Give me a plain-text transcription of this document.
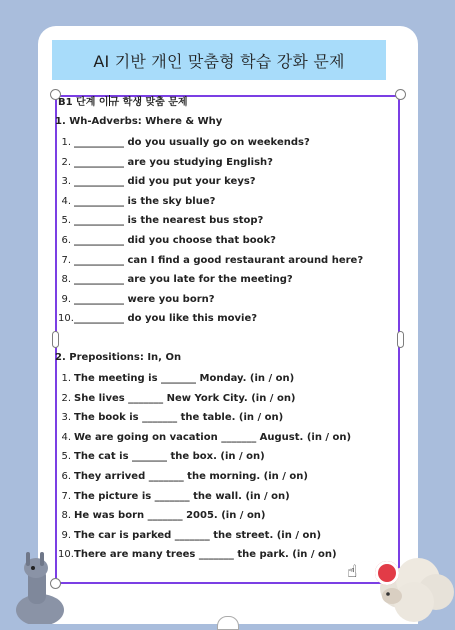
AI 기반 개인 맞춤형 학습 강화 문제
B1 단계 이규 학생 맞춤 문제
1. Wh-Adverbs: Where & Why
1. __________ do you usually go on weekends?
2. __________ are you studying English?
3. __________ did you put your keys?
4. __________ is the sky blue?
5. __________ is the nearest bus stop?
6. __________ did you choose that book?
7. __________ can I find a good restaurant around here?
8. __________ are you late for the meeting?
9. __________ were you born?
10. __________ do you like this movie?
2. Prepositions: In, On
1. The meeting is _______ Monday. (in / on)
2. She lives _______ New York City. (in / on)
3. The book is _______ the table. (in / on)
4. We are going on vacation _______ August. (in / on)
5. The cat is _______ the box. (in / on)
6. They arrived _______ the morning. (in / on)
7. The picture is _______ the wall. (in / on)
8. He was born _______ 2005. (in / on)
9. The car is parked _______ the street. (in / on)
10. There are many trees _______ the park. (in / on)
☝
